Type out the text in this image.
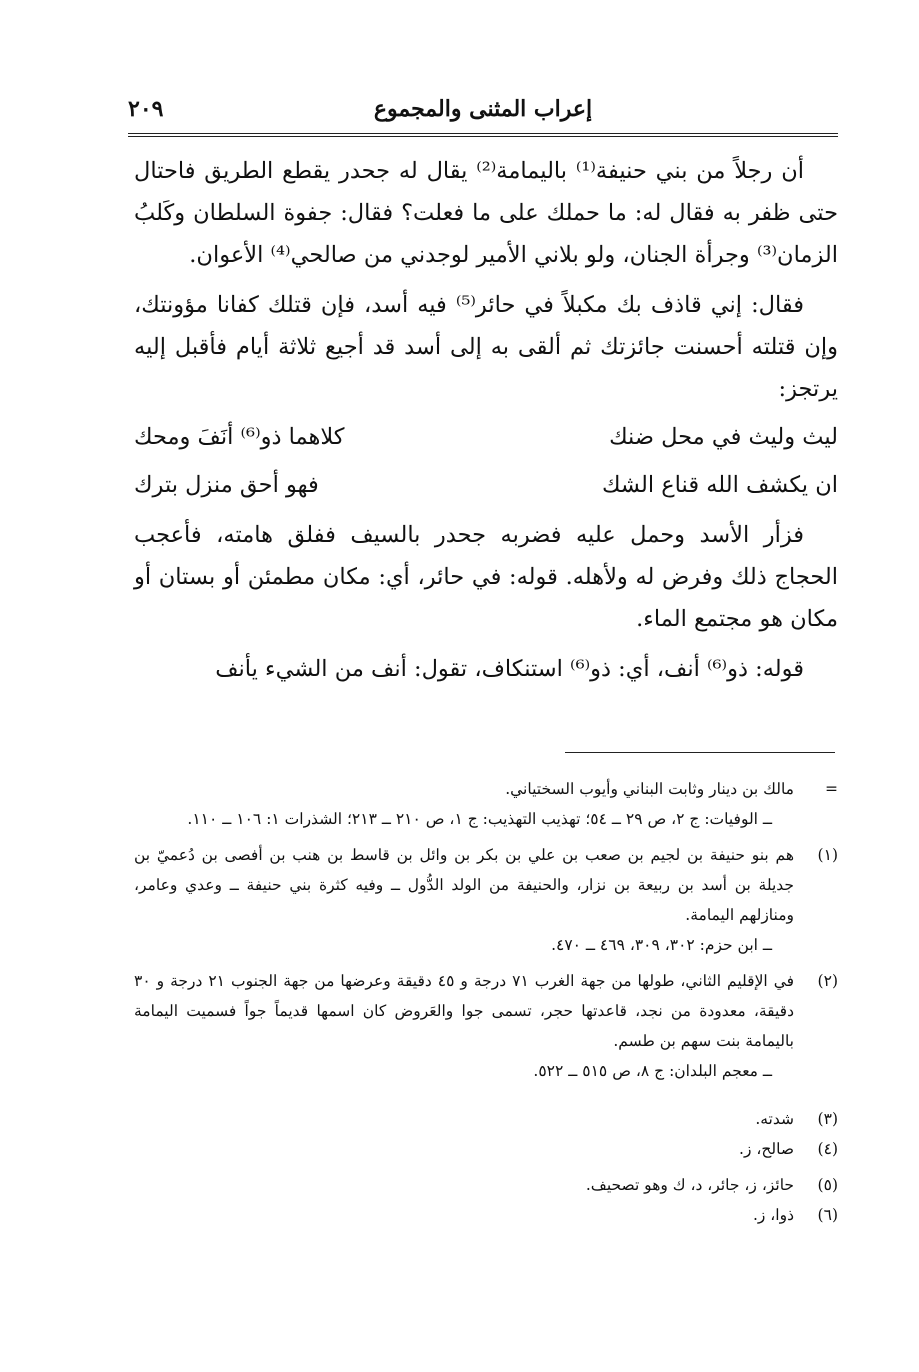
إعراب المثنى والمجموع
٢٠٩

أن رجلاً من بني حنيفة⁽¹⁾ باليمامة⁽²⁾ يقال له جحدر يقطع الطريق فاحتال حتى ظفر به فقال له: ما حملك على ما فعلت؟ فقال: جفوة السلطان وكَلبُ الزمان⁽³⁾ وجرأة الجنان، ولو بلاني الأمير لوجدني من صالحي⁽⁴⁾ الأعوان.

فقال: إني قاذف بك مكبلاً في حائر⁽⁵⁾ فيه أسد، فإن قتلك كفانا مؤونتك، وإن قتلته أحسنت جائزتك ثم ألقى به إلى أسد قد أجيع ثلاثة أيام فأقبل إليه يرتجز:

ليث وليث في محل ضنك
كلاهما ذو⁽⁶⁾ أنَفَ ومحك
ان يكشف الله قناع الشك
فهو أحق منزل بترك

فزأر الأسد وحمل عليه فضربه جحدر بالسيف ففلق هامته، فأعجب الحجاج ذلك وفرض له ولأهله. قوله: في حائر، أي: مكان مطمئن أو بستان أو مكان هو مجتمع الماء.

قوله: ذو⁽⁶⁾ أنف، أي: ذو⁽⁶⁾ استنكاف، تقول: أنف من الشيء يأنف

=
مالك بن دينار وثابت البناني وأيوب السختياني.
ــ الوفيات: ج ٢، ص ٢٩ ــ ٥٤؛ تهذيب التهذيب: ج ١، ص ٢١٠ ــ ٢١٣؛ الشذرات ١: ١٠٦ ــ ١١٠.
(١)
هم بنو حنيفة بن لجيم بن صعب بن علي بن بكر بن وائل بن قاسط بن هنب بن أفصى بن دُعميّ بن جديلة بن أسد بن ربيعة بن نزار، والحنيفة من الولد الدُّول ــ وفيه كثرة بني حنيفة ــ وعدي وعامر، ومنازلهم اليمامة.
ــ ابن حزم: ٣٠٢، ٣٠٩، ٤٦٩ ــ ٤٧٠.
(٢)
في الإقليم الثاني، طولها من جهة الغرب ٧١ درجة و ٤٥ دقيقة وعرضها من جهة الجنوب ٢١ درجة و ٣٠ دقيقة، معدودة من نجد، قاعدتها حجر، تسمى جوا والعَروض كان اسمها قديماً جواً فسميت اليمامة باليمامة بنت سهم بن طسم.
ــ معجم البلدان: ج ٨، ص ٥١٥ ــ ٥٢٢.
(٣)
شدته.
(٤)
صالح، ز.
(٥)
حائز، ز، جائر، د، ك وهو تصحيف.
(٦)
ذوا، ز.
